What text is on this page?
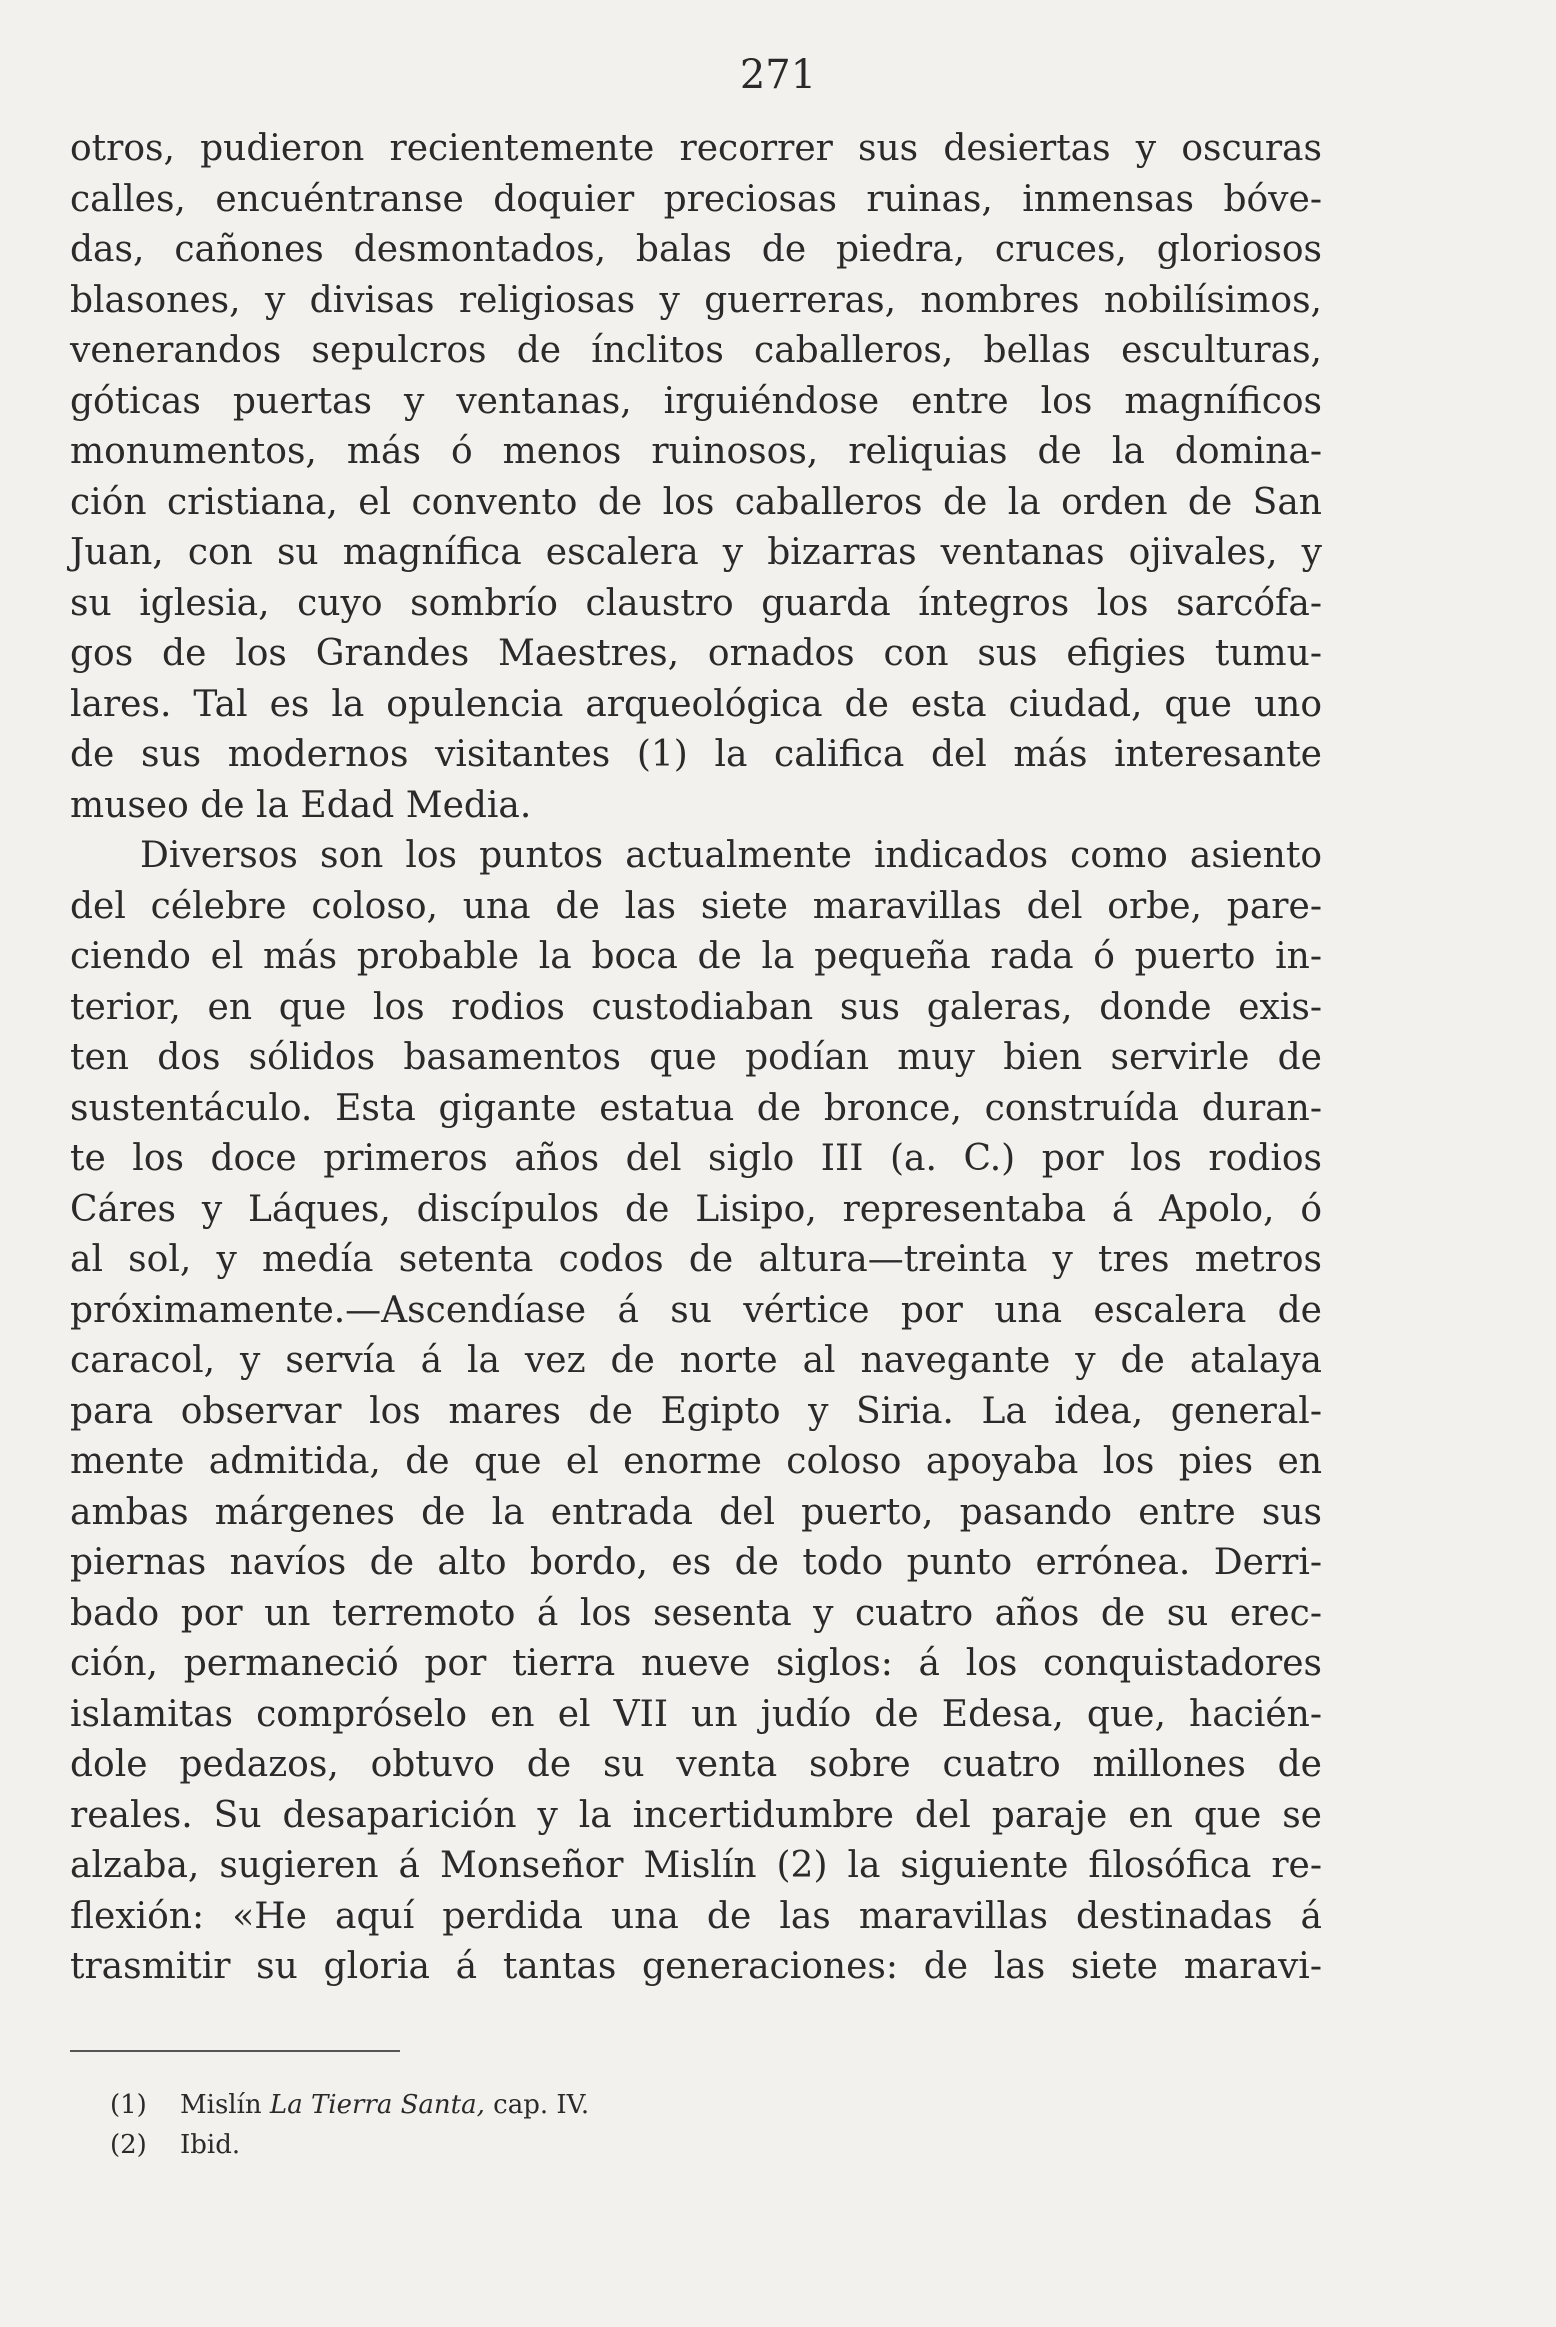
271
otros, pudieron recientemente recorrer sus desiertas y oscuras
calles, encuéntranse doquier preciosas ruinas, inmensas bóve-
das, cañones desmontados, balas de piedra, cruces, gloriosos
blasones, y divisas religiosas y guerreras, nombres nobilísimos,
venerandos sepulcros de ínclitos caballeros, bellas esculturas,
góticas puertas y ventanas, irguiéndose entre los magníficos
monumentos, más ó menos ruinosos, reliquias de la domina-
ción cristiana, el convento de los caballeros de la orden de San
Juan, con su magnífica escalera y bizarras ventanas ojivales, y
su iglesia, cuyo sombrío claustro guarda íntegros los sarcófa-
gos de los Grandes Maestres, ornados con sus efigies tumu-
lares. Tal es la opulencia arqueológica de esta ciudad, que uno
de sus modernos visitantes (1) la califica del más interesante
museo de la Edad Media.
Diversos son los puntos actualmente indicados como asiento
del célebre coloso, una de las siete maravillas del orbe, pare-
ciendo el más probable la boca de la pequeña rada ó puerto in-
terior, en que los rodios custodiaban sus galeras, donde exis-
ten dos sólidos basamentos que podían muy bien servirle de
sustentáculo. Esta gigante estatua de bronce, construída duran-
te los doce primeros años del siglo III (a. C.) por los rodios
Cáres y Láques, discípulos de Lisipo, representaba á Apolo, ó
al sol, y medía setenta codos de altura—treinta y tres metros
próximamente.—Ascendíase á su vértice por una escalera de
caracol, y servía á la vez de norte al navegante y de atalaya
para observar los mares de Egipto y Siria. La idea, general-
mente admitida, de que el enorme coloso apoyaba los pies en
ambas márgenes de la entrada del puerto, pasando entre sus
piernas navíos de alto bordo, es de todo punto errónea. Derri-
bado por un terremoto á los sesenta y cuatro años de su erec-
ción, permaneció por tierra nueve siglos: á los conquistadores
islamitas compróselo en el VII un judío de Edesa, que, hacién-
dole pedazos, obtuvo de su venta sobre cuatro millones de
reales. Su desaparición y la incertidumbre del paraje en que se
alzaba, sugieren á Monseñor Mislín (2) la siguiente filosófica re-
flexión: «He aquí perdida una de las maravillas destinadas á
trasmitir su gloria á tantas generaciones: de las siete maravi-
(1) Mislín La Tierra Santa, cap. IV.
(2) Ibid.
